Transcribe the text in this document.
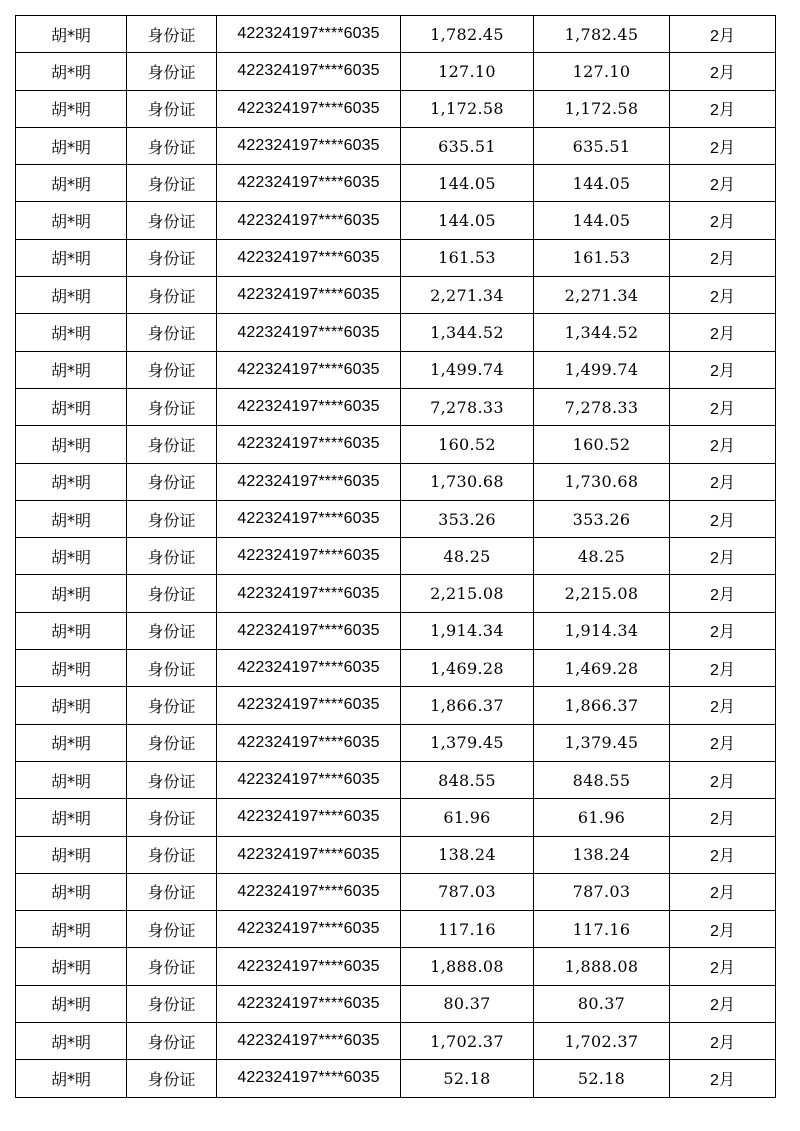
胡*明	身份证	422324197****6035	1,782.45	1,782.45	2月
胡*明	身份证	422324197****6035	127.10	127.10	2月
胡*明	身份证	422324197****6035	1,172.58	1,172.58	2月
胡*明	身份证	422324197****6035	635.51	635.51	2月
胡*明	身份证	422324197****6035	144.05	144.05	2月
胡*明	身份证	422324197****6035	144.05	144.05	2月
胡*明	身份证	422324197****6035	161.53	161.53	2月
胡*明	身份证	422324197****6035	2,271.34	2,271.34	2月
胡*明	身份证	422324197****6035	1,344.52	1,344.52	2月
胡*明	身份证	422324197****6035	1,499.74	1,499.74	2月
胡*明	身份证	422324197****6035	7,278.33	7,278.33	2月
胡*明	身份证	422324197****6035	160.52	160.52	2月
胡*明	身份证	422324197****6035	1,730.68	1,730.68	2月
胡*明	身份证	422324197****6035	353.26	353.26	2月
胡*明	身份证	422324197****6035	48.25	48.25	2月
胡*明	身份证	422324197****6035	2,215.08	2,215.08	2月
胡*明	身份证	422324197****6035	1,914.34	1,914.34	2月
胡*明	身份证	422324197****6035	1,469.28	1,469.28	2月
胡*明	身份证	422324197****6035	1,866.37	1,866.37	2月
胡*明	身份证	422324197****6035	1,379.45	1,379.45	2月
胡*明	身份证	422324197****6035	848.55	848.55	2月
胡*明	身份证	422324197****6035	61.96	61.96	2月
胡*明	身份证	422324197****6035	138.24	138.24	2月
胡*明	身份证	422324197****6035	787.03	787.03	2月
胡*明	身份证	422324197****6035	117.16	117.16	2月
胡*明	身份证	422324197****6035	1,888.08	1,888.08	2月
胡*明	身份证	422324197****6035	80.37	80.37	2月
胡*明	身份证	422324197****6035	1,702.37	1,702.37	2月
胡*明	身份证	422324197****6035	52.18	52.18	2月
